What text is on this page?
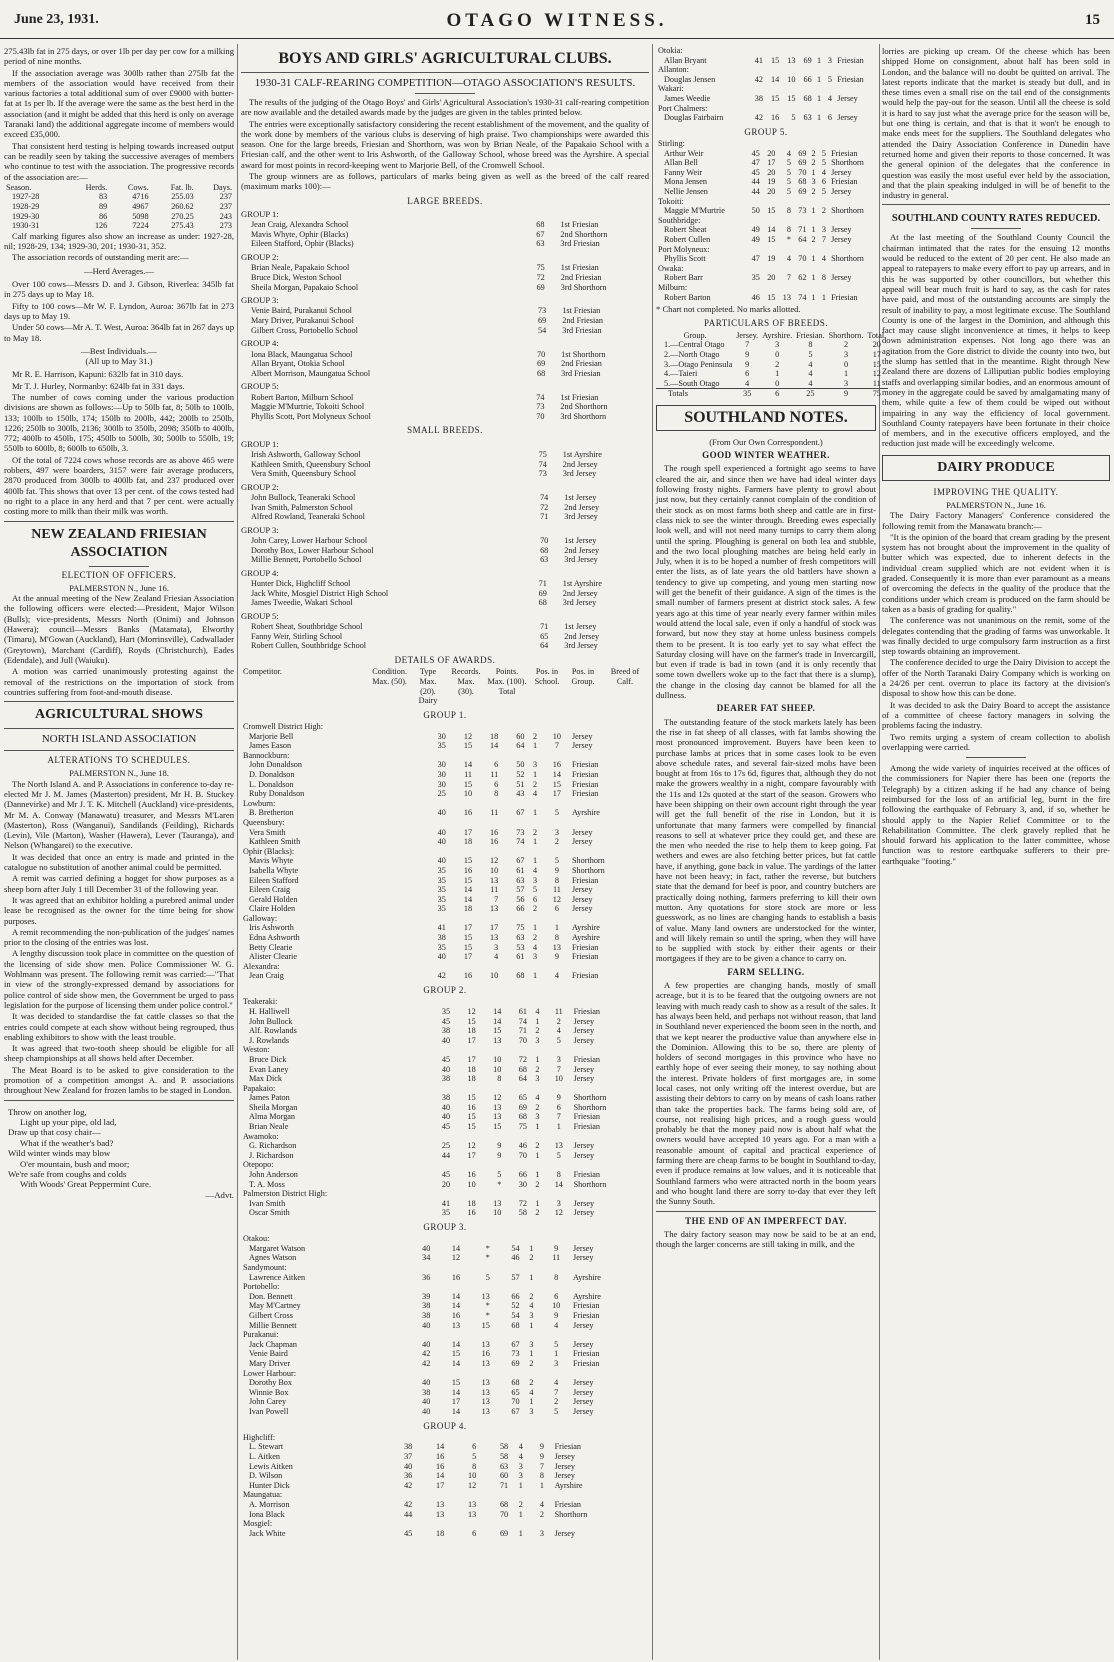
June 23, 1931.	OTAGO WITNESS.	15

275.43lb fat in 275 days, or over 1lb per day per cow for a milking period of nine months.

If the association average was 300lb rather than 275lb fat the members of the association would have received from their various factories a total additional sum of over £9000 with butter-fat at 1s per lb. If the average were the same as the best herd in the association (and it might be added that this herd is only on average Taranaki land) the additional aggregate income of members would exceed £35,000.

That consistent herd testing is helping towards increased output can be readily seen by taking the successive averages of members who continue to test with the association. The progressive records of the association are:—

Season.	Herds.	Cows.	Fat. lb.	Days.
1927-28	83	4716	255.03	237
1928-29	89	4967	260.62	237
1929-30	86	5098	270.25	243
1930-31	126	7224	275.43	273

Calf marking figures also show an increase as under: 1927-28, nil; 1928-29, 134; 1929-30, 201; 1930-31, 352.

The association records of outstanding merit are:—

—Herd Averages.—

Over 100 cows—Messrs D. and J. Gibson, Riverlea: 345lb fat in 275 days up to May 18.

Fifty to 100 cows—Mr W. F. Lyndon, Auroa: 367lb fat in 273 days up to May 19.

Under 50 cows—Mr A. T. West, Auroa: 364lb fat in 267 days up to May 18.

—Best Individuals.—
(All up to May 31.)

Mr R. E. Harrison, Kapuni: 632lb fat in 310 days.

Mr T. J. Hurley, Normanby: 624lb fat in 331 days.

The number of cows coming under the various production divisions are shown as follows:—Up to 50lb fat, 8; 50lb to 100lb, 133; 100lb to 150lb, 174; 150lb to 200lb, 442; 200lb to 250lb, 1226; 250lb to 300lb, 2136; 300lb to 350lb, 2098; 350lb to 400lb, 772; 400lb to 450lb, 175; 450lb to 500lb, 30; 500lb to 550lb, 19; 550lb to 600lb, 8; 600lb to 650lb, 3.

Of the total of 7224 cows whose records are as above 465 were robbers, 497 were boarders, 3157 were fair average producers, 2870 produced from 300lb to 400lb fat, and 237 produced over 400lb fat. This shows that over 13 per cent. of the cows tested had no right to a place in any herd and that 7 per cent. were actually costing more to milk than their milk was worth.

NEW ZEALAND FRIESIAN ASSOCIATION
ELECTION OF OFFICERS.
PALMERSTON N., June 16.

At the annual meeting of the New Zealand Friesian Association the following officers were elected:—President, Major Wilson (Bulls); vice-presidents, Messrs North (Onimi) and Johnson (Hawera); council—Messrs Banks (Matamata), Elworthy (Timaru), M'Gowan (Auckland), Hart (Morrinsville), Cadwallader (Greytown), Marchant (Cardiff), Royds (Christchurch), Eades (Edendale), and Jull (Waiuku).

A motion was carried unanimously protesting against the removal of the restrictions on the importation of stock from countries suffering from foot-and-mouth disease.

AGRICULTURAL SHOWS
NORTH ISLAND ASSOCIATION
ALTERATIONS TO SCHEDULES.
PALMERSTON N., June 18.

The North Island A. and P. Associations in conference to-day re-elected Mr J. M. James (Masterton) president, Mr H. B. Stuckey (Dannevirke) and Mr J. T. K. Mitchell (Auckland) vice-presidents, Mr M. A. Conway (Manawatu) treasurer, and Messrs M'Laren (Masterton), Ross (Wanganui), Sandilands (Feilding), Richards (Levin), Vile (Marton), Washer (Hawera), Lever (Tauranga), and Nelson (Whangarei) to the executive.

It was decided that once an entry is made and printed in the catalogue no substitution of another animal could be permitted.

A remit was carried defining a hogget for show purposes as a sheep born after July 1 till December 31 of the following year.

It was agreed that an exhibitor holding a purebred animal under lease be recognised as the owner for the time being for show purposes.

A remit recommending the non-publication of the judges' names prior to the closing of the entries was lost.

A lengthy discussion took place in committee on the question of the licensing of side show men. Police Commissioner W. G. Wohlmann was present. The following remit was carried:—"That in view of the strongly-expressed demand by associations for police control of side show men, the Government be urged to pass legislation for the purpose of licensing them under police control."

It was decided to standardise the fat cattle classes so that the entries could compete at each show without being regrouped, thus enabling exhibitors to show with the least trouble.

It was agreed that two-tooth sheep should be eligible for all sheep championships at all shows held after December.

The Meat Board is to be asked to give consideration to the promotion of a competition amongst A. and P. associations throughout New Zealand for frozen lambs to be staged in London.

Throw on another log,
Light up your pipe, old lad,
Draw up that cosy chair—
What if the weather's bad?
Wild winter winds may blow
O'er mountain, bush and moor;
We're safe from coughs and colds
With Woods' Great Peppermint Cure.
—Advt.
BOYS AND GIRLS' AGRICULTURAL CLUBS.
1930-31 CALF-REARING COMPETITION—OTAGO ASSOCIATION'S RESULTS.

The results of the judging of the Otago Boys' and Girls' Agricultural Association's 1930-31 calf-rearing competition are now available and the detailed awards made by the judges are given in the tables printed below.

The entries were exceptionally satisfactory considering the recent establishment of the movement, and the quality of the work done by members of the various clubs is deserving of high praise. Two championships were awarded this season. One for the large breeds, Friesian and Shorthorn, was won by Brian Neale, of the Papakaio School with a Friesian calf, and the other went to Iris Ashworth, of the Galloway School, whose breed was the Ayrshire. A special award for most points in record-keeping went to Marjorie Bell, of the Cromwell School.

The group winners are as follows, particulars of marks being given as well as the breed of the calf reared (maximum marks 100):—

LARGE BREEDS.
GROUP 1:
Jean Craig, Alexandra School	68	1st Friesian
Mavis Whyte, Ophir (Blacks)	67	2nd Shorthorn
Eileen Stafford, Ophir (Blacks)	63	3rd Friesian
GROUP 2:
Brian Neale, Papakaio School	75	1st Friesian
Bruce Dick, Weston School	72	2nd Friesian
Sheila Morgan, Papakaio School	69	3rd Shorthorn
GROUP 3:
Venie Baird, Purakanui School	73	1st Friesian
Mary Driver, Purakanui School	69	2nd Friesian
Gilbert Cross, Portobello School	54	3rd Friesian
GROUP 4:
Iona Black, Maungatua School	70	1st Shorthorn
Allan Bryant, Otokia School	69	2nd Friesian
Albert Morrison, Maungatua School	68	3rd Friesian
GROUP 5:
Robert Barton, Milburn School	74	1st Friesian
Maggie M'Murtrie, Tokoiti School	73	2nd Shorthorn
Phyllis Scott, Port Molyneux School	70	3rd Shorthorn
SMALL BREEDS.
GROUP 1:
Irish Ashworth, Galloway School	75	1st Ayrshire
Kathleen Smith, Queensbury School	74	2nd Jersey
Vera Smith, Queensbury School	73	3rd Jersey
GROUP 2:
John Bullock, Teaneraki School	74	1st Jersey
Ivan Smith, Palmerston School	72	2nd Jersey
Alfred Rowland, Teaneraki School	71	3rd Jersey
GROUP 3:
John Carey, Lower Harbour School	70	1st Jersey
Dorothy Box, Lower Harbour School	68	2nd Jersey
Millie Bennett, Portobello School	63	3rd Jersey
GROUP 4:
Hunter Dick, Highcliff School	71	1st Ayrshire
Jack White, Mosgiel District High School	69	2nd Jersey
James Tweedie, Wakari School	68	3rd Jersey
GROUP 5:
Robert Sheat, Southbridge School	71	1st Jersey
Fanny Weir, Stirling School	65	2nd Jersey
Robert Cullen, Southbridge School	64	3rd Jersey
DETAILS OF AWARDS.
Competitor.	Condition. Max. (50).	Type Max. (20). Dairy	Records. Max. (30).	Points. Max. (100). Total	Pos. in School.	Pos. in Group.	Breed of Calf.
GROUP 1.
Cromwell District High:							
Marjorie Bell	30	12	18	60	2	10	Jersey
James Eason	35	15	14	64	1	7	Jersey
Bannockburn:							
John Donaldson	30	14	6	50	3	16	Friesian
D. Donaldson	30	11	11	52	1	14	Friesian
L. Donaldson	30	15	6	51	2	15	Friesian
Ruby Donaldson	25	10	8	43	4	17	Friesian
Lowburn:							
B. Bretherton	40	16	11	67	1	5	Ayrshire
Queensbury:							
Vera Smith	40	17	16	73	2	3	Jersey
Kathleen Smith	40	18	16	74	1	2	Jersey
Ophir (Blacks):							
Mavis Whyte	40	15	12	67	1	5	Shorthorn
Isabella Whyte	35	16	10	61	4	9	Shorthorn
Eileen Stafford	35	15	13	63	3	8	Friesian
Eileen Craig	35	14	11	57	5	11	Jersey
Gerald Holden	35	14	7	56	6	12	Jersey
Claire Holden	35	18	13	66	2	6	Jersey
Galloway:							
Iris Ashworth	41	17	17	75	1	1	Ayrshire
Edna Ashworth	38	15	13	63	2	8	Ayrshire
Betty Clearie	35	15	3	53	4	13	Friesian
Alister Clearie	40	17	4	61	3	9	Friesian
Alexandra:							
Jean Craig	42	16	10	68	1	4	Friesian
GROUP 2.
Teakeraki:							
H. Halliwell	35	12	14	61	4	11	Friesian
John Bullock	45	15	14	74	1	2	Jersey
Alf. Rowlands	38	18	15	71	2	4	Jersey
J. Rowlands	40	17	13	70	3	5	Jersey
Weston:							
Bruce Dick	45	17	10	72	1	3	Friesian
Evan Laney	40	18	10	68	2	7	Jersey
Max Dick	38	18	8	64	3	10	Jersey
Papakaio:							
James Paton	38	15	12	65	4	9	Shorthorn
Sheila Morgan	40	16	13	69	2	6	Shorthorn
Alma Morgan	40	15	13	68	3	7	Friesian
Brian Neale	45	15	15	75	1	1	Friesian
Awamoko:							
G. Richardson	25	12	9	46	2	13	Jersey
J. Richardson	44	17	9	70	1	5	Jersey
Otepopo:							
John Anderson	45	16	5	66	1	8	Friesian
T. A. Moss	20	10	*	30	2	14	Shorthorn
Palmerston District High:							
Ivan Smith	41	18	13	72	1	3	Jersey
Oscar Smith	35	16	10	58	2	12	Jersey
GROUP 3.
Otakou:							
Margaret Watson	40	14	*	54	1	9	Jersey
Agnes Watson	34	12	*	46	2	11	Jersey
Sandymount:							
Lawrence Aitken	36	16	5	57	1	8	Ayrshire
Portobello:							
Don. Bennett	39	14	13	66	2	6	Ayrshire
May M'Cartney	38	14	*	52	4	10	Friesian
Gilbert Cross	38	16	*	54	3	9	Friesian
Millie Bennett	40	13	15	68	1	4	Jersey
Purakanui:							
Jack Chapman	40	14	13	67	3	5	Jersey
Venie Baird	42	15	16	73	1	1	Friesian
Mary Driver	42	14	13	69	2	3	Friesian
Lower Harbour:							
Dorothy Box	40	15	13	68	2	4	Jersey
Winnie Box	38	14	13	65	4	7	Jersey
John Carey	40	17	13	70	1	2	Jersey
Ivan Powell	40	14	13	67	3	5	Jersey
GROUP 4.
Highcliff:							
L. Stewart	38	14	6	58	4	9	Friesian
L. Aitken	37	16	5	58	4	9	Jersey
Lewis Aitken	40	16	8	63	3	7	Jersey
D. Wilson	36	14	10	60	3	8	Jersey
Hunter Dick	42	17	12	71	1	1	Ayrshire
Maungatua:							
A. Morrison	42	13	13	68	2	4	Friesian
Iona Black	44	13	13	70	1	2	Shorthorn
Mosgiel:							
Jack White	45	18	6	69	1	3	Jersey
Otokia:							
Allan Bryant	41	15	13	69	1	3	Friesian
Allanton:							
Douglas Jensen	42	14	10	66	1	5	Friesian
Wakari:							
James Weedie	38	15	15	68	1	4	Jersey
Port Chalmers:							
Douglas Fairbairn	42	16	5	63	1	6	Jersey
GROUP 5.
Stirling:							
Arthur Weir	45	20	4	69	2	5	Friesian
Allan Bell	47	17	5	69	2	5	Shorthorn
Fanny Weir	45	20	5	70	1	4	Jersey
Mona Jensen	44	19	5	68	3	6	Friesian
Nellie Jensen	44	20	5	69	2	5	Jersey
Tokoiti:							
Maggie M'Murtrie	50	15	8	73	1	2	Shorthorn
Southbridge:							
Robert Sheat	49	14	8	71	1	3	Jersey
Robert Cullen	49	15	*	64	2	7	Jersey
Port Molyneux:							
Phyllis Scott	47	19	4	70	1	4	Shorthorn
Owaka:							
Robert Barr	35	20	7	62	1	8	Jersey
Milburn:							
Robert Barton	46	15	13	74	1	1	Friesian
* Chart not completed. No marks allotted.
PARTICULARS OF BREEDS.
Group.	Jersey.	Ayrshire.	Friesian.	Shorthorn.	Total.
1.—Central Otago	7	3	8	2	20
2.—North Otago	9	0	5	3	17
3.—Otago Peninsula	9	2	4	0	15
4.—Taieri	6	1	4	1	12
5.—South Otago	4	0	4	3	11
Totals	35	6	25	9	75
SOUTHLAND NOTES.
(From Our Own Correspondent.)
GOOD WINTER WEATHER.

The rough spell experienced a fortnight ago seems to have cleared the air, and since then we have had ideal winter days following frosty nights. Farmers have plenty to growl about just now, but they certainly cannot complain of the condition of their stock as on most farms both sheep and cattle are in first-class nick to see the winter through. Breeding ewes especially look well, and will not need many turnips to carry them along until the spring. Ploughing is general on both lea and stubble, and the two local ploughing matches are being held early in July, when it is to be hoped a number of fresh competitors will enter the lists, as of late years the old battlers have shown a tendency to give up competing, and young men starting now will get the benefit of their guidance. A sign of the times is the small number of farmers present at district stock sales. A few years ago at this time of year nearly every farmer within miles would attend the local sale, even if only a handful of stock was forward, but now they stay at home unless business compels them to be present. It is too early yet to say what effect the Saturday closing will have on the farmer's trade in Invercargill, but even if trade is bad in town (and it is only recently that some town dwellers woke up to the fact that there is a slump), the change in the closing day cannot be blamed for all the dullness.

DEARER FAT SHEEP.

The outstanding feature of the stock markets lately has been the rise in fat sheep of all classes, with fat lambs showing the most pronounced improvement. Buyers have been keen to purchase lambs at prices that in some cases look to be even above schedule rates, and several fair-sized mobs have been bought at from 16s to 17s 6d, figures that, although they do not make the growers wealthy in a night, compare favourably with the 11s and 12s quoted at the start of the season. Growers who have been shipping on their own account right through the year will get the full benefit of the rise in London, but it is unfortunate that many farmers were compelled by financial reasons to sell at whatever price they could get, and these are the men who needed the rise to help them to keep going. Fat wethers and ewes are also fetching better prices, but fat cattle have, if anything, gone back in value. The yardings of the latter have not been heavy; in fact, rather the reverse, but butchers state that the demand for beef is poor, and country butchers are practically doing nothing, farmers preferring to kill their own mutton. Any quotations for store stock are more or less guesswork, as no lines are changing hands to establish a basis of value. Many land owners are understocked for the winter, and will likely remain so until the spring, when they will have to be supplied with stock by either their agents or their mortgagees if they are to be given a chance to carry on.

FARM SELLING.

A few properties are changing hands, mostly of small acreage, but it is to be feared that the outgoing owners are not leaving with much ready cash to show as a result of the sales. It has always been held, and perhaps not without reason, that land in Southland never experienced the boom seen in the north, and that we kept nearer the productive value than anywhere else in the Dominion. Allowing this to be so, there are plenty of holders of second mortgages in this province who have no earthly hope of ever seeing their money, to say nothing about the interest. Private holders of first mortgages are, in some local cases, not only writing off the interest overdue, but are assisting their debtors to carry on by means of cash loans rather than take the properties back. The farms being sold are, of course, not realising high prices, and a rough guess would probably be that the money paid now is about half what the owners would have accepted 10 years ago. For a man with a reasonable amount of capital and practical experience of farming there are cheap farms to be bought in Southland to-day, even if produce remains at low values, and it is noticeable that Southland farmers who were attracted north in the boom years and who bought land there are sorry to-day that ever they left the Sunny South.

THE END OF AN IMPERFECT DAY.

The dairy factory season may now be said to be at an end, though the larger concerns are still taking in milk, and the

lorries are picking up cream. Of the cheese which has been shipped Home on consignment, about half has been sold in London, and the balance will no doubt be quitted on arrival. The latest reports indicate that the market is steady but dull, and in these times even a small rise on the tail end of the consignments would help the pay-out for the season. Until all the cheese is sold it is hard to say just what the average price for the season will be, but one thing is certain, and that is that it won't be enough to make ends meet for the suppliers. The Southland delegates who attended the Dairy Association Conference in Dunedin have returned home and given their reports to those concerned. It was the general opinion of the delegates that the conference in question was easily the most useful ever held by the association, and that the plain speaking indulged in will be of benefit to the industry in general.

SOUTHLAND COUNTY RATES REDUCED.

At the last meeting of the Southland County Council the chairman intimated that the rates for the ensuing 12 months would be reduced to the extent of 20 per cent. He also made an appeal to ratepayers to make every effort to pay up arrears, and in this he was supported by other councillors, but whether this appeal will bear much fruit is hard to say, as the cash for rates have paid, and most of the outstanding accounts are simply the result of inability to pay, a most legitimate excuse. The Southland County is one of the largest in the Dominion, and although this fact may cause slight inconvenience at times, it helps to keep down administration expenses. Not long ago there was an agitation from the Gore district to divide the county into two, but the slump has settled that in the meantime. Right through New Zealand there are dozens of Lilliputian public bodies employing staffs and overlapping similar bodies, and an enormous amount of money in the aggregate could be saved by amalgamating many of them, while quite a few of them could be wiped out without impairing in any way the efficiency of local government. Southland County ratepayers have been fortunate in their choice of members, and in the executive officers employed, and the reduction just made will be exceedingly welcome.

DAIRY PRODUCE
IMPROVING THE QUALITY.
PALMERSTON N., June 16.

The Dairy Factory Managers' Conference considered the following remit from the Manawatu branch:—

"It is the opinion of the board that cream grading by the present system has not brought about the improvement in the quality of butter which was expected, due to inherent defects in the individual cream supplied which are not evident when it is graded. Consequently it is more than ever paramount as a means of overcoming the defects in the quality of the produce that the conditions under which cream is produced on the farm should be taken as a basis of grading for quality."

The conference was not unanimous on the remit, some of the delegates contending that the grading of farms was unworkable. It was finally decided to urge compulsory farm instruction as a first step towards obtaining an improvement.

The conference decided to urge the Dairy Division to accept the offer of the North Taranaki Dairy Company which is working on a 24/26 per cent. overrun to place its factory at the division's disposal to show how this can be done.

It was decided to ask the Dairy Board to accept the assistance of a committee of cheese factory managers in solving the problems facing the industry.

Two remits urging a system of cream collection to abolish overlapping were carried.

Among the wide variety of inquiries received at the offices of the commissioners for Napier there has been one (reports the Telegraph) by a citizen asking if he had any chance of being reimbursed for the loss of an artificial leg, burnt in the fire following the earthquake of February 3, and, if so, whether he should apply to the Napier Relief Committee or to the Rehabilitation Committee. The clerk gravely replied that he should forward his application to the latter committee, whose function was to restore earthquake sufferers to their pre-earthquake "footing."
